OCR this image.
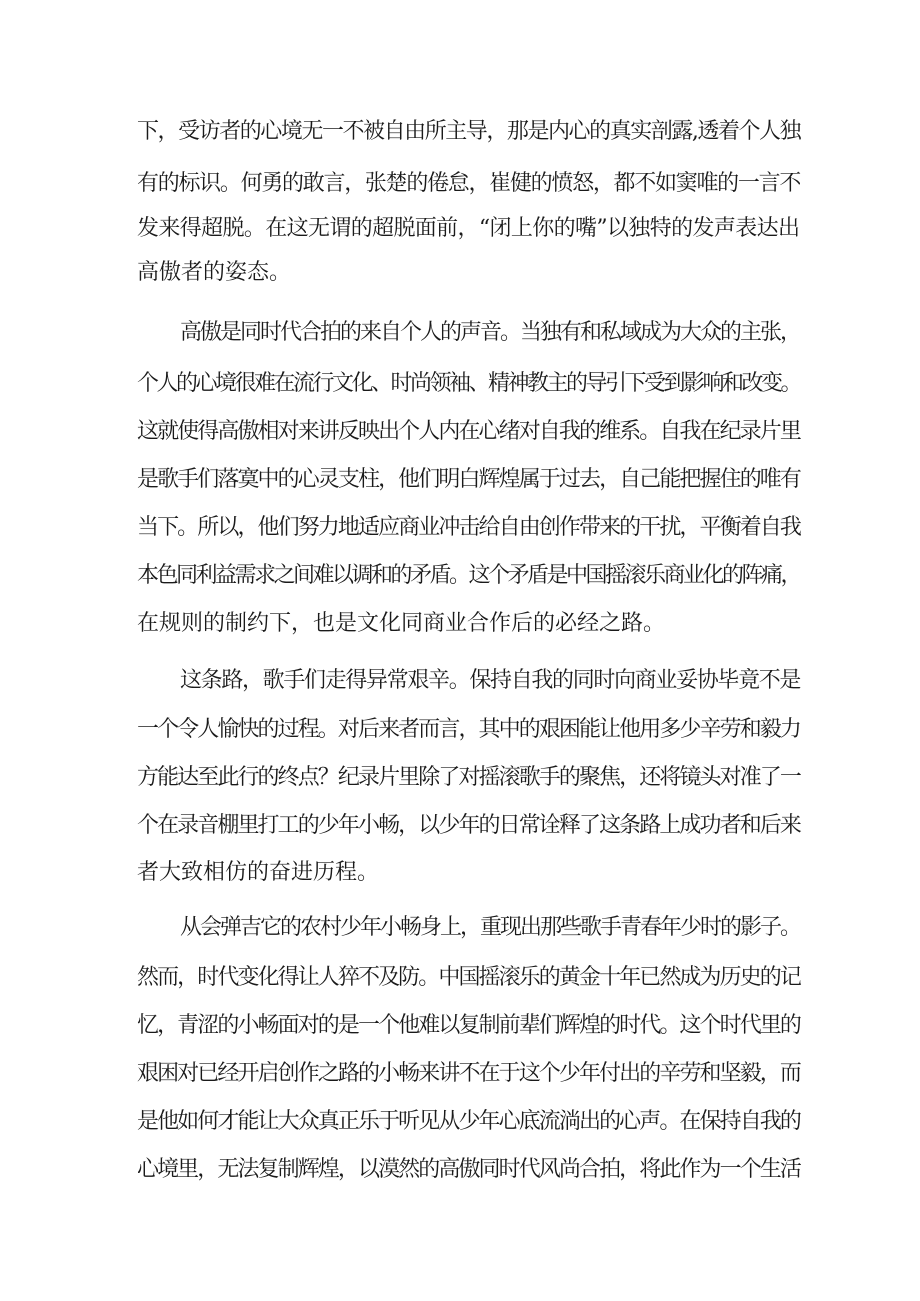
下，受访者的心境无一不被自由所主导，那是内心的真实剖露,透着个人独
有的标识。何勇的敢言，张楚的倦怠，崔健的愤怒，都不如窦唯的一言不
发来得超脱。在这无谓的超脱面前，“闭上你的嘴”以独特的发声表达出
高傲者的姿态。
高傲是同时代合拍的来自个人的声音。当独有和私域成为大众的主张，
个人的心境很难在流行文化、时尚领袖、精神教主的导引下受到影响和改变。
这就使得高傲相对来讲反映出个人内在心绪对自我的维系。自我在纪录片里
是歌手们落寞中的心灵支柱，他们明白辉煌属于过去，自己能把握住的唯有
当下。所以，他们努力地适应商业冲击给自由创作带来的干扰，平衡着自我
本色同利益需求之间难以调和的矛盾。这个矛盾是中国摇滚乐商业化的阵痛，
在规则的制约下，也是文化同商业合作后的必经之路。
这条路，歌手们走得异常艰辛。保持自我的同时向商业妥协毕竟不是
一个令人愉快的过程。对后来者而言，其中的艰困能让他用多少辛劳和毅力
方能达至此行的终点？纪录片里除了对摇滚歌手的聚焦，还将镜头对准了一
个在录音棚里打工的少年小畅，以少年的日常诠释了这条路上成功者和后来
者大致相仿的奋进历程。
从会弹吉它的农村少年小畅身上，重现出那些歌手青春年少时的影子。
然而，时代变化得让人猝不及防。中国摇滚乐的黄金十年已然成为历史的记
忆，青涩的小畅面对的是一个他难以复制前辈们辉煌的时代。这个时代里的
艰困对已经开启创作之路的小畅来讲不在于这个少年付出的辛劳和坚毅，而
是他如何才能让大众真正乐于听见从少年心底流淌出的心声。在保持自我的
心境里，无法复制辉煌，以漠然的高傲同时代风尚合拍，将此作为一个生活
